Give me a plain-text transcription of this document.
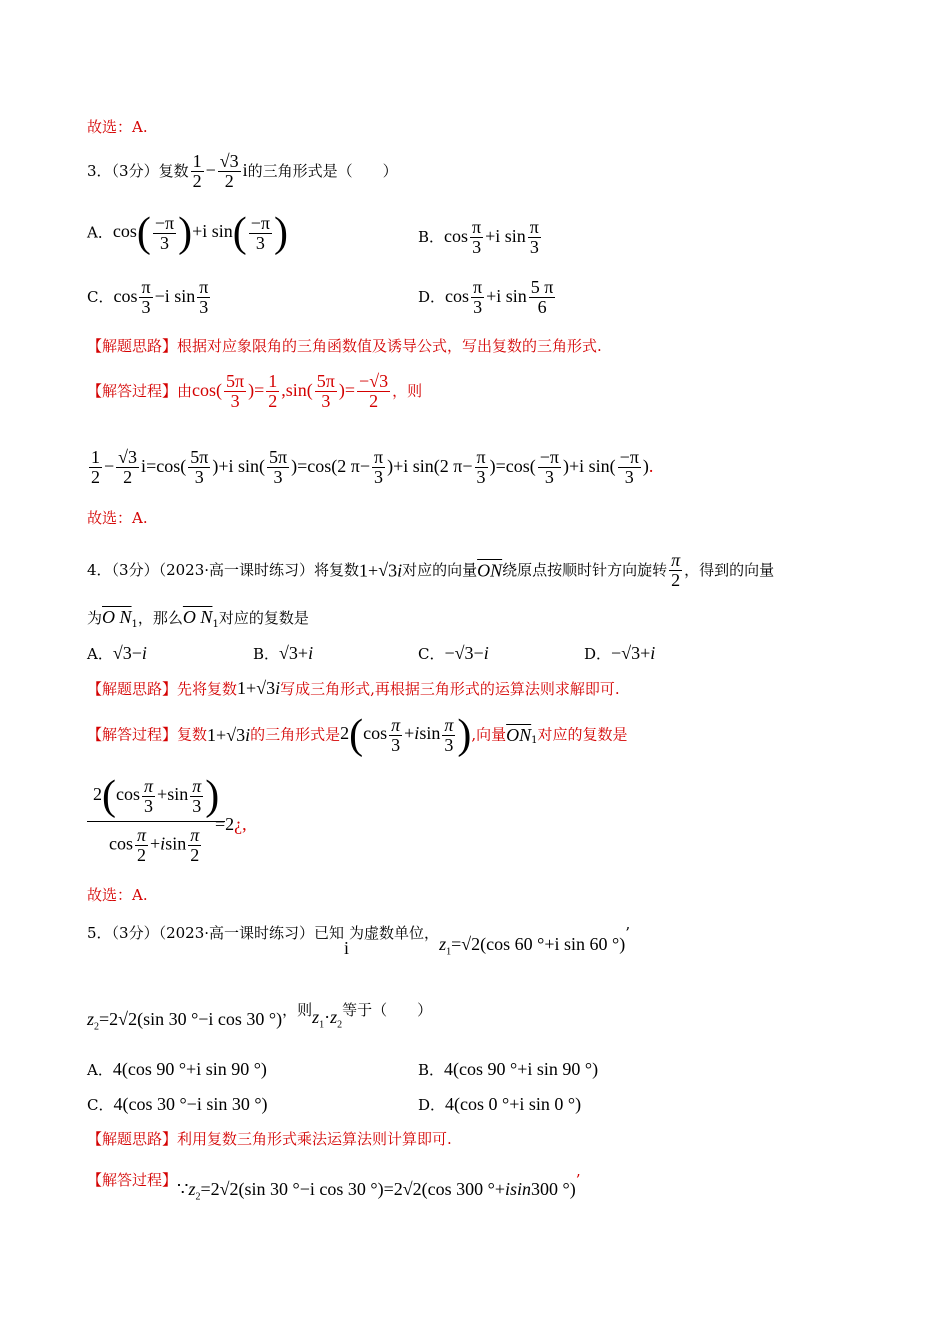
故选：A.
3．（3分）复数 $\frac{1}{2}$ − √ $\frac{3}{2}$ i的三角形式是（　　）
A．$\cos( \frac{-\pi}{3} )+i$ $\sin( \frac{-\pi}{3}$ )	B．$\cos \frac{\pi}{3} +i$ $\sin \frac{\pi}{3}$
C．$\cos \frac{\pi}{3} -i$ $\sin \frac{\pi}{3}$	D．$\cos \frac{\pi}{3} +i$ $\sin \frac{5 \pi}{6}$
【解题思路】根据对应象限角的三角函数值及诱导公式，写出复数的三角形式.
【解答过程】由$\cos( \frac{5\pi}{3}$ )= $\frac{1}{2} ,\sin( \frac{5\pi}{3}$ )= $\frac{- √ 3}{2}$ ，则
$\frac{1}{2}$ − √ $\frac{3}{2} i=\cos( \frac{5\pi}{3} )+i$ $\sin( \frac{5\pi}{3} )=\cos(2$ $\pi- \frac{\pi}{3} )+i$ sin(2 $\pi- \frac{\pi}{3} )=\cos( \frac{-\pi}{3} )+i$ $\sin( \frac{-\pi}{3}$ ).
故选：A.
4．（3分）（2023·高一课时练习）将复数1+ √ 3i对应的向量$\overline{ON}$绕原点按顺时针方向旋转 $\frac{\pi}{2}$ ，得到的向量
为O $N_1$，那么O $N_1$对应的复数是
A． √ 3−i	B． √ 3+i	C．− √ 3−i	D．− √ 3+i
【解题思路】先将复数1+ √ 3i写成三角形式,再根据三角形式的运算法则求解即可.
【解答过程】复数1+ √ 3i的三角形式是$2(\cos \frac{\pi}{3} +isin \frac{\pi}{3}$ ),向量$\overline{ON}_1$对应的复数是
$2(\cos \frac{\pi}{3} +\sin \frac{\pi}{3}$ )
$\cos \frac{\pi}{2} +isin \frac{\pi}{2}$
=2¿,
故选：A.
5．（3分）（2023·高一课时练习）已知i为虚数单位，$z_1=$ √ 2(cos 60 °+i sin 60 °)’
$z_2=2$ √ 2(sin 30 °−i cos 30 °)，则$z_1\cdot z_2$等于（　　）
A．4(cos 90 °+i sin 90 °)	B．4(cos 90 °+i sin 90 °)
C．4(cos 30 °−i sin 30 °)	D．4(cos 0 °+i sin 0 °)
【解题思路】利用复数三角形式乘法运算法则计算即可.
【解答过程】$\because z_2=2$ √ 2(sin 30 °−i cos 30 °)=2 √ 2(cos 300 °+isin300 °)’
